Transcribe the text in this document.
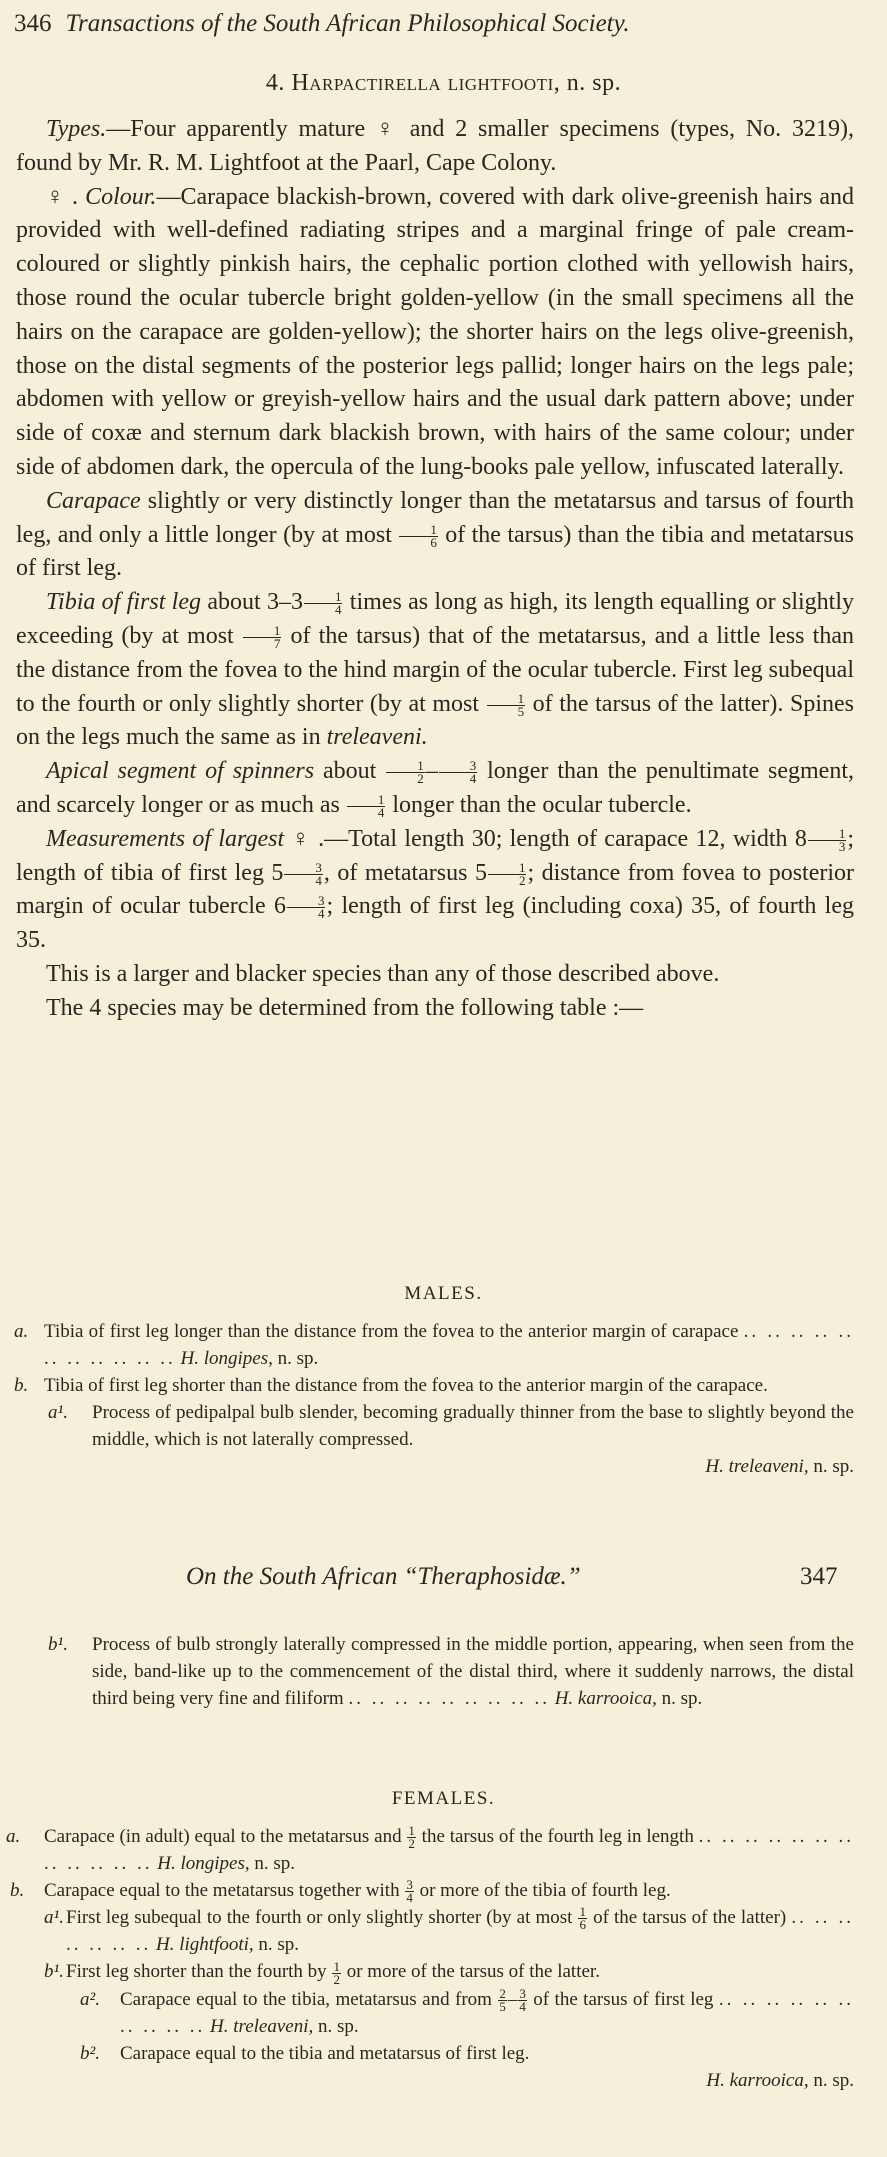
346 Transactions of the South African Philosophical Society.
4. Harpactirella lightfooti, n. sp.

Types.—Four apparently mature ♀ and 2 smaller specimens (types, No. 3219), found by Mr. R. M. Lightfoot at the Paarl, Cape Colony.

♀ . Colour.—Carapace blackish-brown, covered with dark olive-greenish hairs and provided with well-defined radiating stripes and a marginal fringe of pale cream-coloured or slightly pinkish hairs, the cephalic portion clothed with yellowish hairs, those round the ocular tubercle bright golden-yellow (in the small specimens all the hairs on the carapace are golden-yellow); the shorter hairs on the legs olive-greenish, those on the distal segments of the posterior legs pallid; longer hairs on the legs pale; abdomen with yellow or greyish-yellow hairs and the usual dark pattern above; under side of coxæ and sternum dark blackish brown, with hairs of the same colour; under side of abdomen dark, the opercula of the lung-books pale yellow, infuscated laterally.

Carapace slightly or very distinctly longer than the metatarsus and tarsus of fourth leg, and only a little longer (by at most $\frac{1}{6}$ of the tarsus) than the tibia and metatarsus of first leg.

Tibia of first leg about $3-3 \frac{1}{4}$ times as long as high, its length equalling or slightly exceeding (by at most $\frac{1}{7}$ of the tarsus) that of the metatarsus, and a little less than the distance from the fovea to the hind margin of the ocular tubercle. First leg subequal to the fourth or only slightly shorter (by at most $\frac{1}{5}$ of the tarsus of the latter). Spines on the legs much the same as in treleaveni.

Apical segment of spinners about $\frac{1}{2} - \frac{3}{4}$ longer than the penultimate segment, and scarcely longer or as much as $\frac{1}{4}$ longer than the ocular tubercle.

Measurements of largest ♀ .—Total length 30; length of carapace 12, width $8 \frac{1}{3}$ ; length of tibia of first leg $5 \frac{3}{4}$ , of metatarsus $5 \frac{1}{2}$ ; distance from fovea to posterior margin of ocular tubercle $6 \frac{3}{4}$ ; length of first leg (including coxa) 35, of fourth leg 35.

This is a larger and blacker species than any of those described above.

The 4 species may be determined from the following table :—

MALES.
a. Tibia of first leg longer than the distance from the fovea to the anterior margin of carapace .. .. .. .. .. .. .. .. .. .. .. H. longipes, n. sp.
b. Tibia of first leg shorter than the distance from the fovea to the anterior margin of the carapace.
a¹. Process of pedipalpal bulb slender, becoming gradually thinner from the base to slightly beyond the middle, which is not laterally compressed.
H. treleaveni, n. sp.
On the South African “Theraphosidæ.”	347
b¹. Process of bulb strongly laterally compressed in the middle portion, appearing, when seen from the side, band-like up to the commencement of the distal third, where it suddenly narrows, the distal third being very fine and filiform .. .. .. .. .. .. .. .. .. H. karrooica, n. sp.
FEMALES.
a. Carapace (in adult) equal to the metatarsus and $\frac{1}{2}$ the tarsus of the fourth leg in length .. .. .. .. .. .. .. .. .. .. .. .. H. longipes, n. sp.
b. Carapace equal to the metatarsus together with $\frac{3}{4}$ or more of the tibia of fourth leg.
a¹. First leg subequal to the fourth or only slightly shorter (by at most $\frac{1}{6}$ of the tarsus of the latter) .. .. .. .. .. .. .. H. lightfooti, n. sp.
b¹. First leg shorter than the fourth by $\frac{1}{2}$ or more of the tarsus of the latter.
a². Carapace equal to the tibia, metatarsus and from $\frac{2}{5} - \frac{3}{4}$ of the tarsus of first leg .. .. .. .. .. .. .. .. .. .. H. treleaveni, n. sp.
b². Carapace equal to the tibia and metatarsus of first leg.
H. karrooica, n. sp.
